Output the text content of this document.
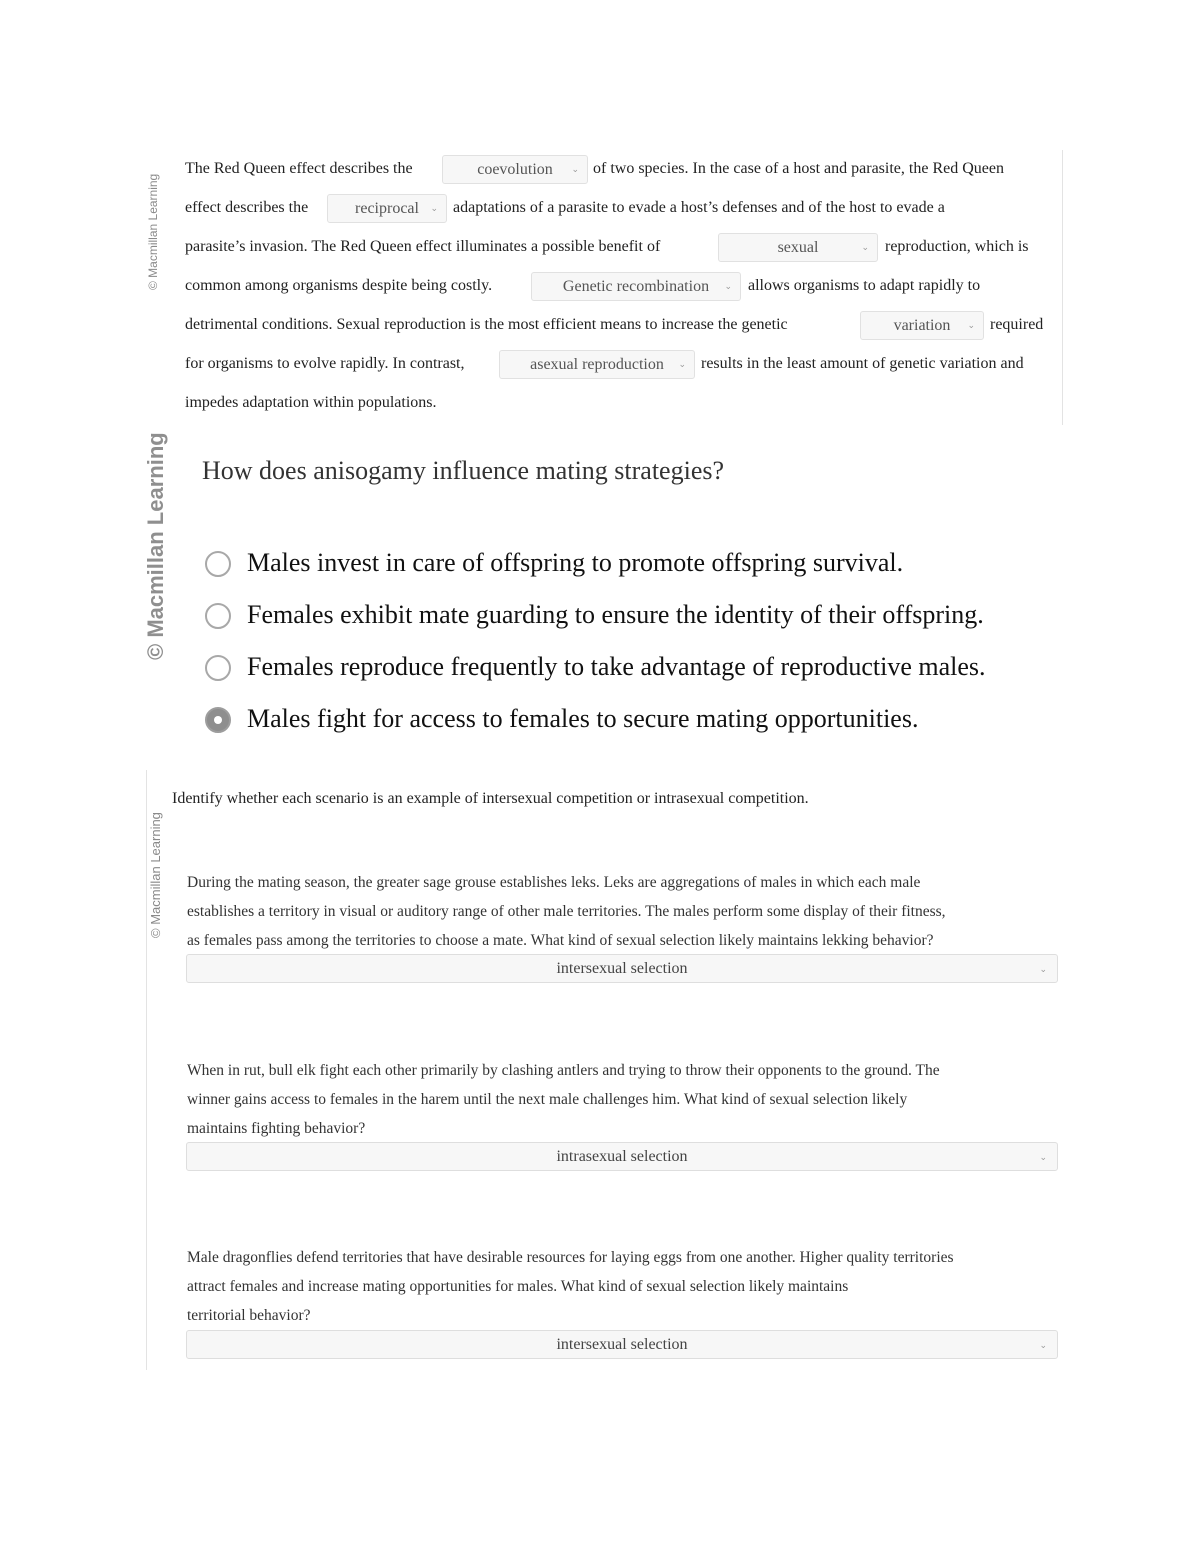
© Macmillan Learning
© Macmillan Learning
© Macmillan Learning
The Red Queen effect describes the	coevolution ⌄ of two species. In the case of a host and parasite, the Red Queen
effect describes the	reciprocal ⌄ adaptations of a parasite to evade a host’s defenses and of the host to evade a
parasite’s invasion. The Red Queen effect illuminates a possible benefit of	sexual	⌄ reproduction, which is
common among organisms despite being costly.	Genetic recombination ⌄ allows organisms to adapt rapidly to
detrimental conditions. Sexual reproduction is the most efficient means to increase the genetic	variation ⌄ required
for organisms to evolve rapidly. In contrast,	asexual reproduction ⌄ results in the least amount of genetic variation and
impedes adaptation within populations.
How does anisogamy influence mating strategies?
Males invest in care of offspring to promote offspring survival.
Females exhibit mate guarding to ensure the identity of their offspring.
Females reproduce frequently to take advantage of reproductive males.
Males fight for access to females to secure mating opportunities.
Identify whether each scenario is an example of intersexual competition or intrasexual competition.
During the mating season, the greater sage grouse establishes leks. Leks are aggregations of males in which each male
establishes a territory in visual or auditory range of other male territories. The males perform some display of their fitness,
as females pass among the territories to choose a mate. What kind of sexual selection likely maintains lekking behavior?
intersexual selection	⌄
When in rut, bull elk fight each other primarily by clashing antlers and trying to throw their opponents to the ground. The
winner gains access to females in the harem until the next male challenges him. What kind of sexual selection likely
maintains fighting behavior?
intrasexual selection	⌄
Male dragonflies defend territories that have desirable resources for laying eggs from one another. Higher quality territories
attract females and increase mating opportunities for males. What kind of sexual selection likely maintains
territorial behavior?
intersexual selection	⌄
